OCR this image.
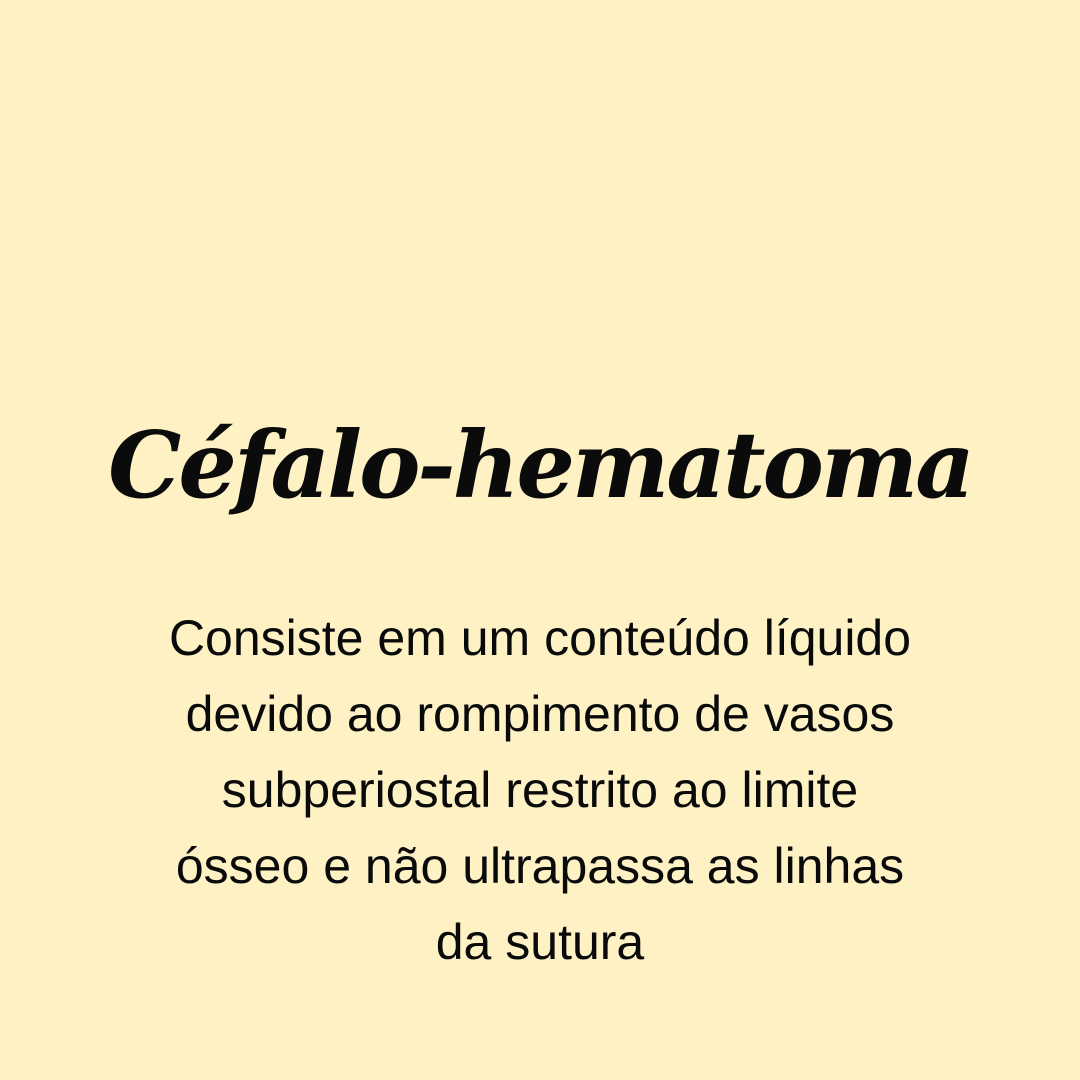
Céfalo-hematoma

Consiste em um conteúdo líquido
devido ao rompimento de vasos
subperiostal restrito ao limite
ósseo e não ultrapassa as linhas
da sutura
